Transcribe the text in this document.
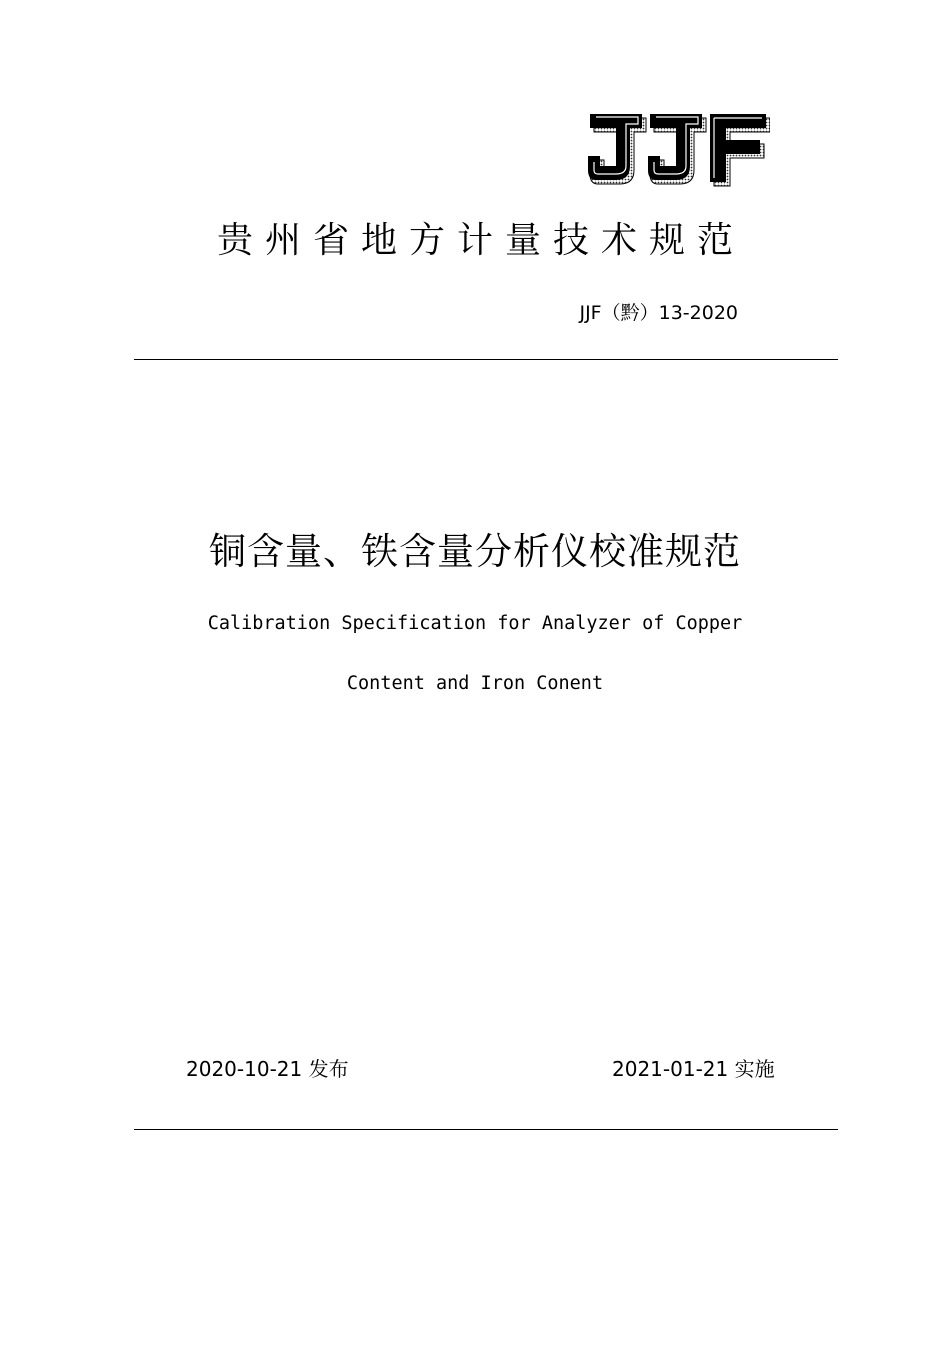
贵州省地方计量技术规范
JJF（黔）13-2020
铜含量、铁含量分析仪校准规范
Calibration Specification for Analyzer of Copper
Content and Iron Conent
2020-10-21 发布	2021-01-21 实施
